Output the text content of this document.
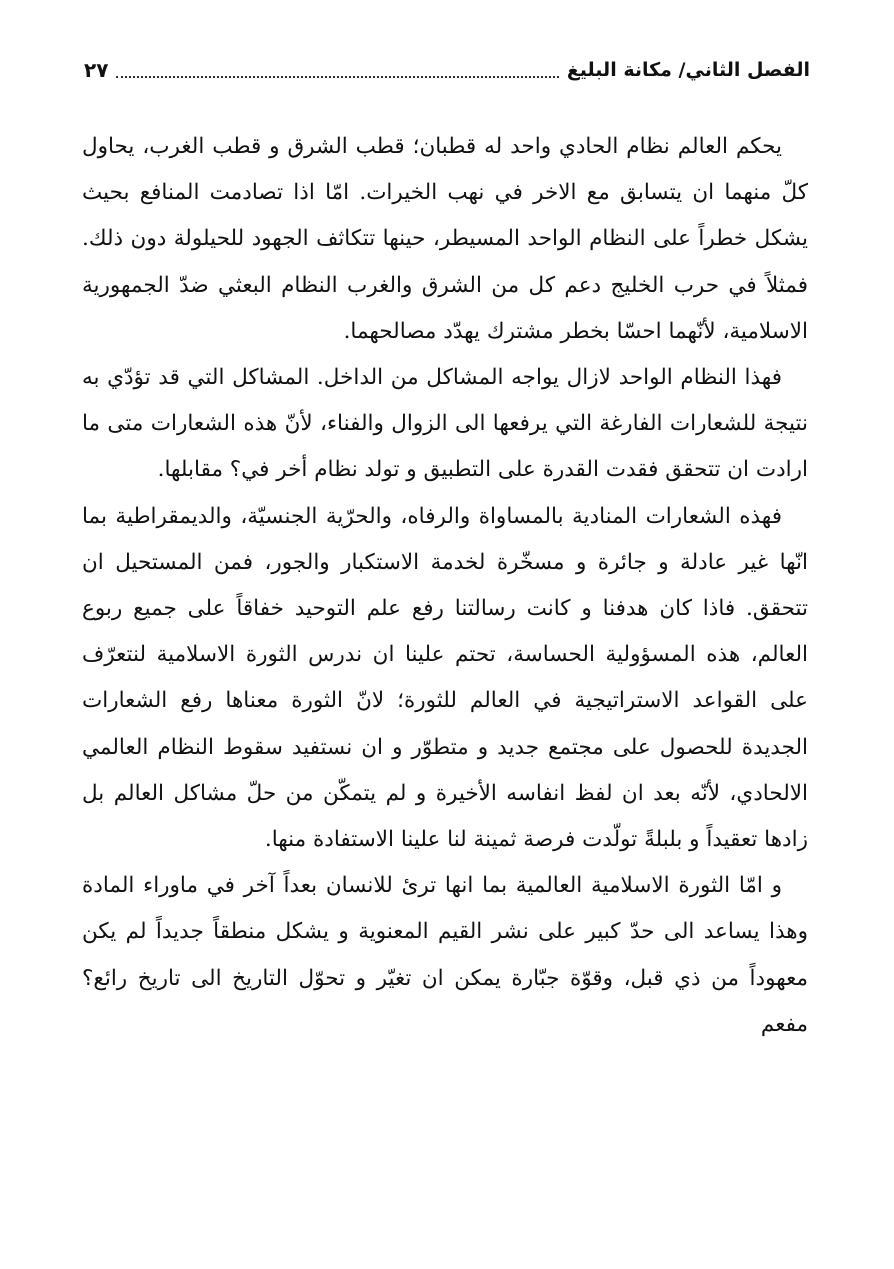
الفصل الثاني/ مكانة البليغ
٢٧

يحكم العالم نظام الحادي واحد له قطبان؛ قطب الشرق و قطب الغرب، يحاول كلّ منهما ان يتسابق مع الاخر في نهب الخيرات. امّا اذا تصادمت المنافع بحيث يشكل خطراً على النظام الواحد المسيطر، حينها تتكاثف الجهود للحيلولة دون ذلك. فمثلاً في حرب الخليج دعم كل من الشرق والغرب النظام البعثي ضدّ الجمهورية الاسلامية، لأنّهما احسّا بخطر مشترك يهدّد مصالحهما.

فهذا النظام الواحد لازال يواجه المشاكل من الداخل. المشاكل التي قد تؤدّي به نتيجة للشعارات الفارغة التي يرفعها الى الزوال والفناء، لأنّ هذه الشعارات متى ما ارادت ان تتحقق فقدت القدرة على التطبيق و تولد نظام أخر في؟ مقابلها.

فهذه الشعارات المنادية بالمساواة والرفاه، والحرّية الجنسيّة، والديمقراطية بما انّها غير عادلة و جائرة و مسخّرة لخدمة الاستكبار والجور، فمن المستحيل ان تتحقق. فاذا كان هدفنا و كانت رسالتنا رفع علم التوحيد خفاقاً على جميع ربوع العالم، هذه المسؤولية الحساسة، تحتم علينا ان ندرس الثورة الاسلامية لنتعرّف على القواعد الاستراتيجية في العالم للثورة؛ لانّ الثورة معناها رفع الشعارات الجديدة للحصول على مجتمع جديد و متطوّر و ان نستفيد سقوط النظام العالمي الالحادي، لأنّه بعد ان لفظ انفاسه الأخيرة و لم يتمكّن من حلّ مشاكل العالم بل زادها تعقيداً و بلبلةً تولّدت فرصة ثمينة لنا علينا الاستفادة منها.

و امّا الثورة الاسلامية العالمية بما انها ترئ للانسان بعداً آخر في ماوراء المادة وهذا يساعد الى حدّ كبير على نشر القيم المعنوية و يشكل منطقاً جديداً لم يكن معهوداً من ذي قبل، وقوّة جبّارة يمكن ان تغيّر و تحوّل التاريخ الى تاريخ رائع؟ مفعم
